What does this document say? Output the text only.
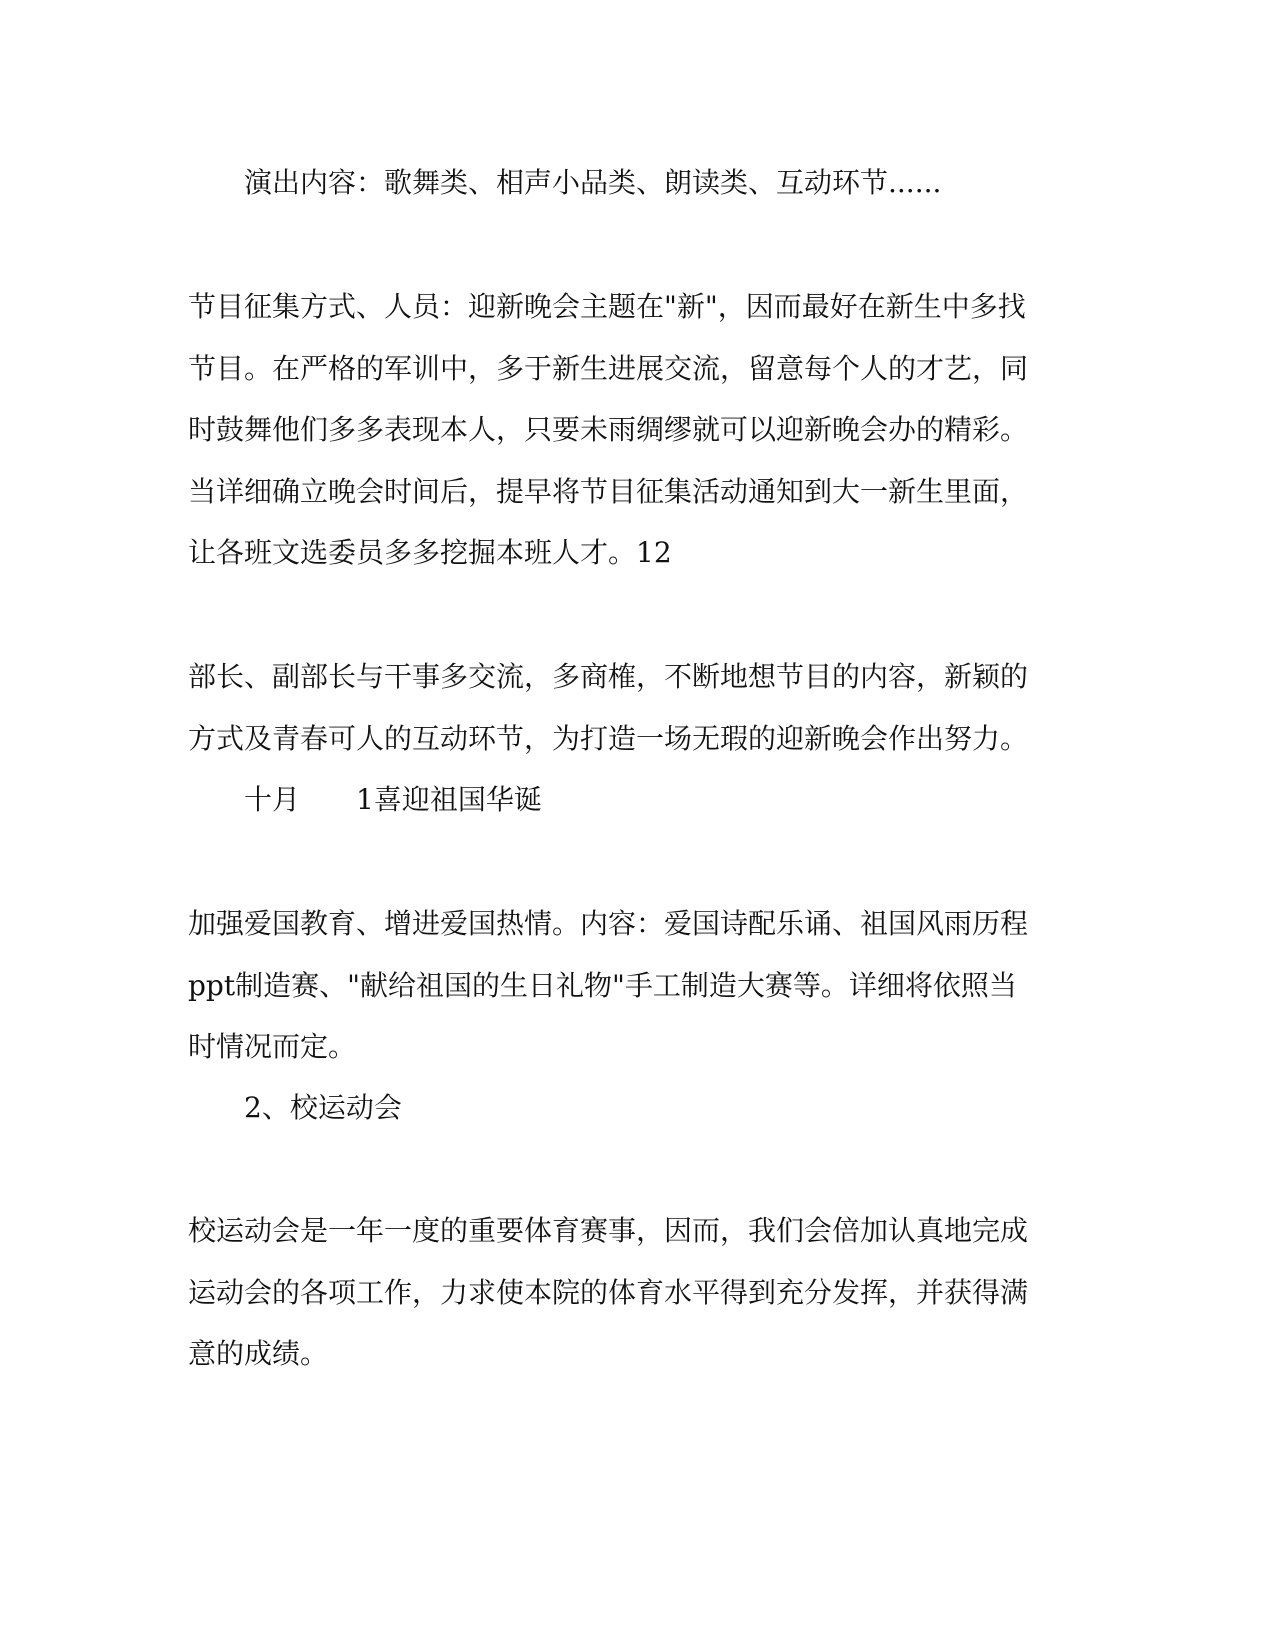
演出内容：歌舞类、相声小品类、朗读类、互动环节......
节目征集方式、人员：迎新晚会主题在"新"，因而最好在新生中多找
节目。在严格的军训中，多于新生进展交流，留意每个人的才艺，同
时鼓舞他们多多表现本人，只要未雨绸缪就可以迎新晚会办的精彩。
当详细确立晚会时间后，提早将节目征集活动通知到大一新生里面，
让各班文选委员多多挖掘本班人才。12
部长、副部长与干事多交流，多商榷，不断地想节目的内容，新颖的
方式及青春可人的互动环节，为打造一场无瑕的迎新晚会作出努力。
十月 1喜迎祖国华诞
加强爱国教育、增进爱国热情。内容：爱国诗配乐诵、祖国风雨历程
ppt制造赛、"献给祖国的生日礼物"手工制造大赛等。详细将依照当
时情况而定。
2、校运动会
校运动会是一年一度的重要体育赛事，因而，我们会倍加认真地完成
运动会的各项工作，力求使本院的体育水平得到充分发挥，并获得满
意的成绩。
